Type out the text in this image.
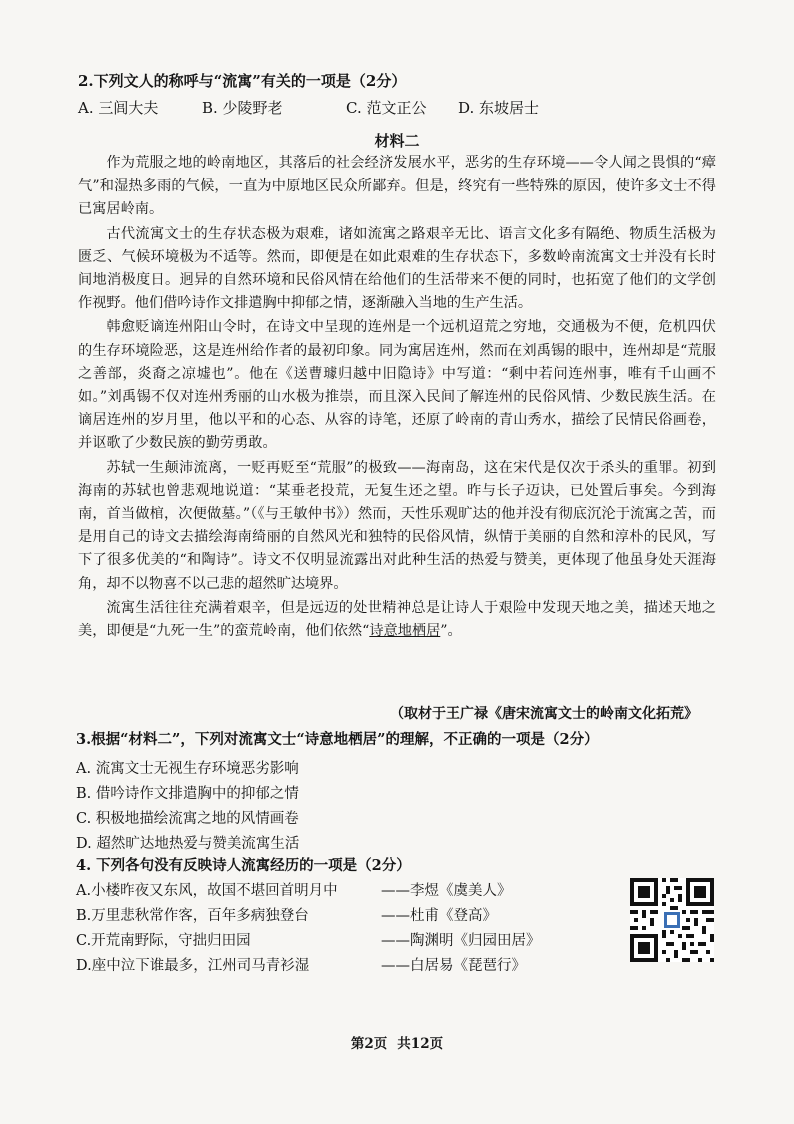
2.下列文人的称呼与“流寓”有关的一项是（2分）
A. 三闾大夫	B. 少陵野老	C. 范文正公	D. 东坡居士
材料二

作为荒服之地的岭南地区，其落后的社会经济发展水平，恶劣的生存环境——令人闻之畏惧的“瘴气”和湿热多雨的气候，一直为中原地区民众所鄙弃。但是，终究有一些特殊的原因，使许多文士不得已寓居岭南。

古代流寓文士的生存状态极为艰难，诸如流寓之路艰辛无比、语言文化多有隔绝、物质生活极为匮乏、气候环境极为不适等。然而，即便是在如此艰难的生存状态下，多数岭南流寓文士并没有长时间地消极度日。迥异的自然环境和民俗风情在给他们的生活带来不便的同时，也拓宽了他们的文学创作视野。他们借吟诗作文排遣胸中抑郁之情，逐渐融入当地的生产生活。

韩愈贬谪连州阳山令时，在诗文中呈现的连州是一个远机迢荒之穷地，交通极为不便，危机四伏的生存环境险恶，这是连州给作者的最初印象。同为寓居连州，然而在刘禹锡的眼中，连州却是“荒服之善部，炎裔之凉墟也”。他在《送曹璩归越中旧隐诗》中写道：“剩中若问连州事，唯有千山画不如。”刘禹锡不仅对连州秀丽的山水极为推崇，而且深入民间了解连州的民俗风情、少数民族生活。在谪居连州的岁月里，他以平和的心态、从容的诗笔，还原了岭南的青山秀水，描绘了民情民俗画卷，并讴歌了少数民族的勤劳勇敢。

苏轼一生颠沛流离，一贬再贬至“荒服”的极致——海南岛，这在宋代是仅次于杀头的重罪。初到海南的苏轼也曾悲观地说道：“某垂老投荒，无复生还之望。昨与长子迈诀，已处置后事矣。今到海南，首当做棺，次便做墓。”（《与王敏仲书》）然而，天性乐观旷达的他并没有彻底沉沦于流寓之苦，而是用自己的诗文去描绘海南绮丽的自然风光和独特的民俗风情，纵情于美丽的自然和淳朴的民风，写下了很多优美的“和陶诗”。诗文不仅明显流露出对此种生活的热爱与赞美，更体现了他虽身处天涯海角，却不以物喜不以己悲的超然旷达境界。

流寓生活往往充满着艰辛，但是远迈的处世精神总是让诗人于艰险中发现天地之美，描述天地之美，即便是“九死一生”的蛮荒岭南，他们依然“诗意地栖居”。

（取材于王广禄《唐宋流寓文士的岭南文化拓荒》
3.根据“材料二”，下列对流寓文士“诗意地栖居”的理解，不正确的一项是（2分）
A. 流寓文士无视生存环境恶劣影响
B. 借吟诗作文排遣胸中的抑郁之情
C. 积极地描绘流寓之地的风情画卷
D. 超然旷达地热爱与赞美流寓生活
4. 下列各句没有反映诗人流寓经历的一项是（2分）
A.小楼昨夜又东风，故国不堪回首明月中	——李煜《虞美人》
B.万里悲秋常作客，百年多病独登台	——杜甫《登高》
C.开荒南野际，守拙归田园	——陶渊明《归园田居》
D.座中泣下谁最多，江州司马青衫湿	——白居易《琵琶行》
第2页 共12页
